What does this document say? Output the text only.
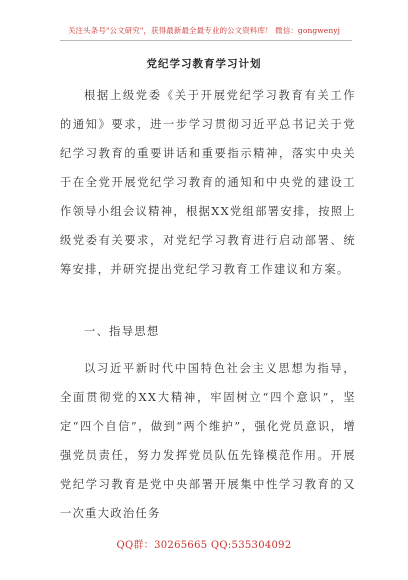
关注头条号"公文研究"，获得最新最全最专业的公文资料库！ 微信：gongwenyj
党纪学习教育学习计划
根据上级党委《关于开展党纪学习教育有关工作的通知》要求，进一步学习贯彻习近平总书记关于党纪学习教育的重要讲话和重要指示精神，落实中央关于在全党开展党纪学习教育的通知和中央党的建设工作领导小组会议精神，根据XX党组部署安排，按照上级党委有关要求，对党纪学习教育进行启动部署、统筹安排，并研究提出党纪学习教育工作建议和方案。
一、指导思想
以习近平新时代中国特色社会主义思想为指导，全面贯彻党的XX大精神，牢固树立“四个意识”，坚定“四个自信”，做到“两个维护”，强化党员意识，增强党员责任，努力发挥党员队伍先锋模范作用。开展党纪学习教育是党中央部署开展集中性学习教育的又一次重大政治任务
QQ群：30265665 QQ:535304092
